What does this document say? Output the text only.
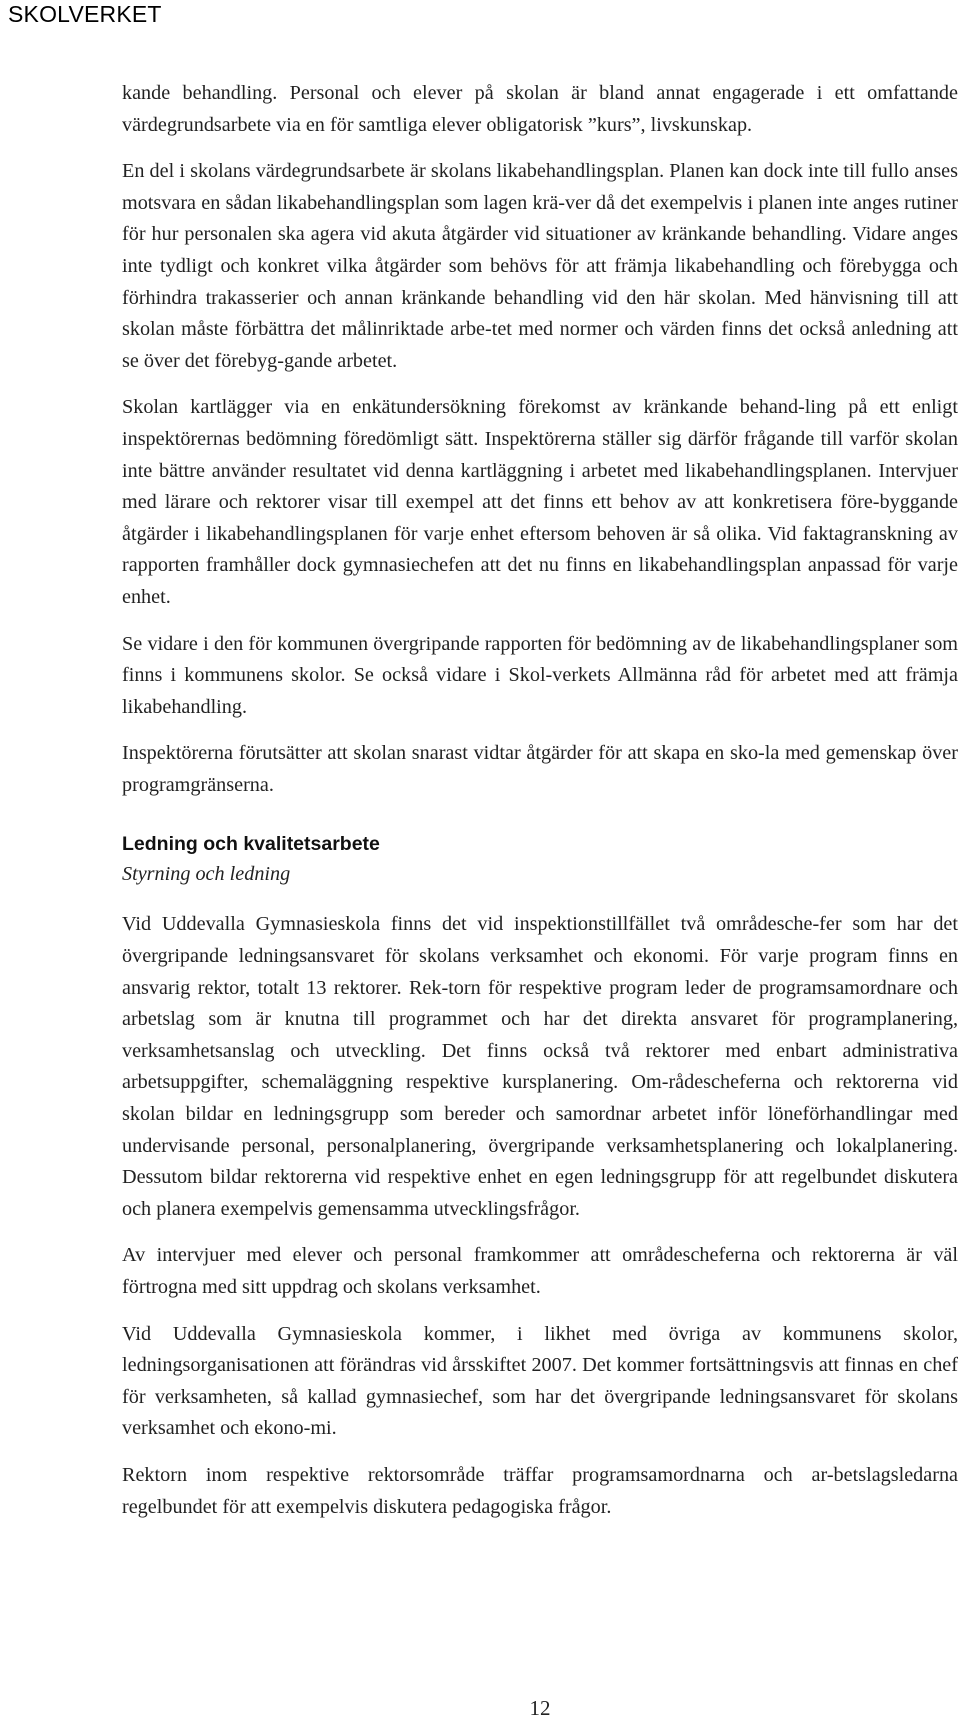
SKOLVERKET

kande behandling. Personal och elever på skolan är bland annat engagerade i ett omfattande värdegrundsarbete via en för samtliga elever obligatorisk ”kurs”, livskunskap.

En del i skolans värdegrundsarbete är skolans likabehandlingsplan. Planen kan dock inte till fullo anses motsvara en sådan likabehandlingsplan som lagen krä-ver då det exempelvis i planen inte anges rutiner för hur personalen ska agera vid akuta åtgärder vid situationer av kränkande behandling. Vidare anges inte tydligt och konkret vilka åtgärder som behövs för att främja likabehandling och förebygga och förhindra trakasserier och annan kränkande behandling vid den här skolan. Med hänvisning till att skolan måste förbättra det målinriktade arbe-tet med normer och värden finns det också anledning att se över det förebyg-gande arbetet.

Skolan kartlägger via en enkätundersökning förekomst av kränkande behand-ling på ett enligt inspektörernas bedömning föredömligt sätt. Inspektörerna ställer sig därför frågande till varför skolan inte bättre använder resultatet vid denna kartläggning i arbetet med likabehandlingsplanen. Intervjuer med lärare och rektorer visar till exempel att det finns ett behov av att konkretisera före-byggande åtgärder i likabehandlingsplanen för varje enhet eftersom behoven är så olika. Vid faktagranskning av rapporten framhåller dock gymnasiechefen att det nu finns en likabehandlingsplan anpassad för varje enhet.

Se vidare i den för kommunen övergripande rapporten för bedömning av de likabehandlingsplaner som finns i kommunens skolor. Se också vidare i Skol-verkets Allmänna råd för arbetet med att främja likabehandling.

Inspektörerna förutsätter att skolan snarast vidtar åtgärder för att skapa en sko-la med gemenskap över programgränserna.

Ledning och kvalitetsarbete
Styrning och ledning

Vid Uddevalla Gymnasieskola finns det vid inspektionstillfället två områdesche-fer som har det övergripande ledningsansvaret för skolans verksamhet och ekonomi. För varje program finns en ansvarig rektor, totalt 13 rektorer. Rek-torn för respektive program leder de programsamordnare och arbetslag som är knutna till programmet och har det direkta ansvaret för programplanering, verksamhetsanslag och utveckling. Det finns också två rektorer med enbart administrativa arbetsuppgifter, schemaläggning respektive kursplanering. Om-rådescheferna och rektorerna vid skolan bildar en ledningsgrupp som bereder och samordnar arbetet inför löneförhandlingar med undervisande personal, personalplanering, övergripande verksamhetsplanering och lokalplanering. Dessutom bildar rektorerna vid respektive enhet en egen ledningsgrupp för att regelbundet diskutera och planera exempelvis gemensamma utvecklingsfrågor.

Av intervjuer med elever och personal framkommer att områdescheferna och rektorerna är väl förtrogna med sitt uppdrag och skolans verksamhet.

Vid Uddevalla Gymnasieskola kommer, i likhet med övriga av kommunens skolor, ledningsorganisationen att förändras vid årsskiftet 2007. Det kommer fortsättningsvis att finnas en chef för verksamheten, så kallad gymnasiechef, som har det övergripande ledningsansvaret för skolans verksamhet och ekono-mi.

Rektorn inom respektive rektorsområde träffar programsamordnarna och ar-betslagsledarna regelbundet för att exempelvis diskutera pedagogiska frågor.

12
